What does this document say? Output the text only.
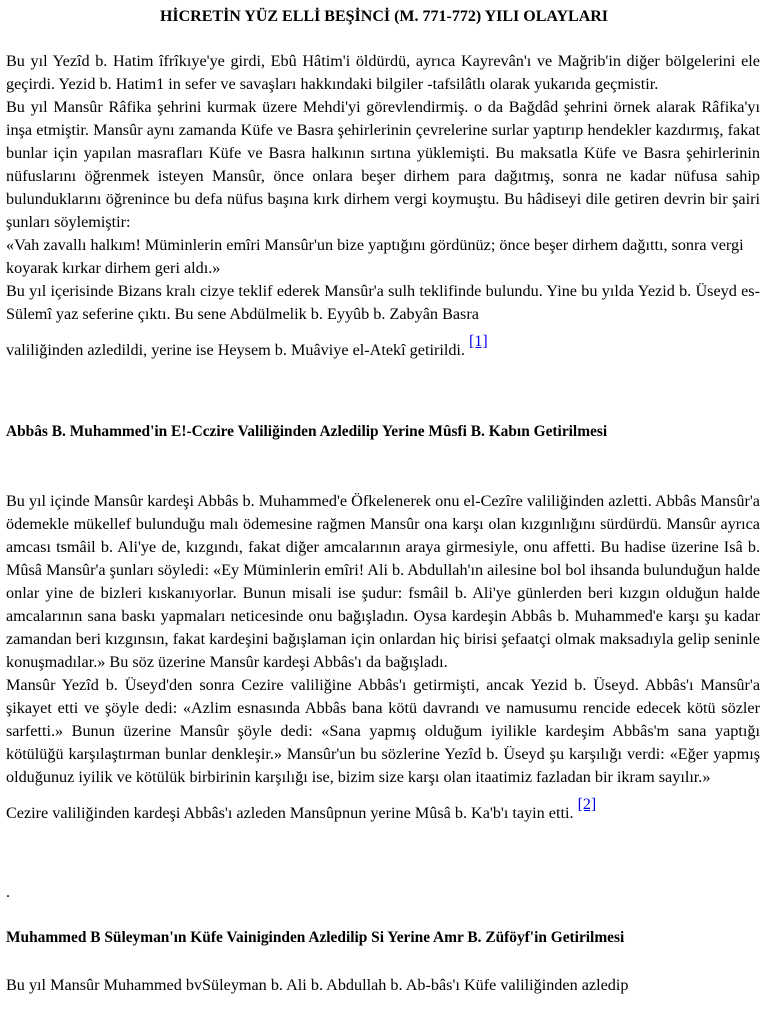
HİCRETİN YÜZ ELLİ BEŞİNCİ (M. 771-772) YILI OLAYLARI

Bu yıl Yezîd b. Hatim îfrîkıye'ye girdi, Ebû Hâtim'i öldürdü, ayrıca Kayrevân'ı ve Mağrib'in diğer bölgelerini ele geçirdi. Yezid b. Hatim1 in sefer ve savaşları hakkındaki bilgiler -tafsilâtlı olarak yukarıda geçmistir.

Bu yıl Mansûr Râfika şehrini kurmak üzere Mehdi'yi görevlendirmiş. o da Bağdâd şehrini örnek alarak Râfika'yı inşa etmiştir. Mansûr aynı zamanda Küfe ve Basra şehirlerinin çevrelerine surlar yaptırıp hendekler kazdırmış, fakat bunlar için yapılan masrafları Küfe ve Basra halkının sırtına yüklemişti. Bu maksatla Küfe ve Basra şehirlerinin nüfuslarını öğrenmek isteyen Mansûr, önce onlara beşer dirhem para dağıtmış, sonra ne kadar nüfusa sahip bulunduklarını öğrenince bu defa nüfus başına kırk dirhem vergi koymuştu. Bu hâdiseyi dile getiren devrin bir şairi şunları söylemiştir:

«Vah zavallı halkım! Müminlerin emîri Mansûr'un bize yaptığını gördünüz; önce beşer dirhem dağıttı, sonra vergi koyarak kırkar dirhem geri aldı.»

Bu yıl içerisinde Bizans kralı cizye teklif ederek Mansûr'a sulh teklifinde bulundu. Yine bu yılda Yezid b. Üseyd es-Sülemî yaz seferine çıktı. Bu sene Abdülmelik b. Eyyûb b. Zabyân Basra

valiliğinden azledildi, yerine ise Heysem b. Muâviye el-Atekî getirildi. [1]

Abbâs B. Muhammed'in E!-Cczire Valiliğinden Azledilip Yerine Mûsfi B. Kabın Getirilmesi

Bu yıl içinde Mansûr kardeşi Abbâs b. Muhammed'e Öfkelenerek onu el-Cezîre valiliğinden azletti. Abbâs Mansûr'a ödemekle mükellef bulunduğu malı ödemesine rağmen Mansûr ona karşı olan kızgınlığını sürdürdü. Mansûr ayrıca amcası tsmâil b. Ali'ye de, kızgındı, fakat diğer amcalarının araya girmesiyle, onu affetti. Bu hadise üzerine Isâ b. Mûsâ Mansûr'a şunları söyledi: «Ey Müminlerin emîri! Ali b. Abdullah'ın ailesine bol bol ihsanda bulunduğun halde onlar yine de bizleri kıskanıyorlar. Bunun misali ise şudur: fsmâil b. Ali'ye günlerden beri kızgın olduğun halde amcalarının sana baskı yapmaları neticesinde onu bağışladın. Oysa kardeşin Abbâs b. Muhammed'e karşı şu kadar zamandan beri kızgınsın, fakat kardeşini bağışlaman için onlardan hiç birisi şefaatçi olmak maksadıyla gelip seninle konuşmadılar.» Bu söz üzerine Mansûr kardeşi Abbâs'ı da bağışladı.

Mansûr Yezîd b. Üseyd'den sonra Cezire valiliğine Abbâs'ı getirmişti, ancak Yezid b. Üseyd. Abbâs'ı Mansûr'a şikayet etti ve şöyle dedi: «Azlim esnasında Abbâs bana kötü davrandı ve namusumu rencide edecek kötü sözler sarfetti.» Bunun üzerine Mansûr şöyle dedi: «Sana yapmış olduğum iyilikle kardeşim Abbâs'm sana yaptığı kötülüğü karşılaştırman bunlar denkleşir.» Mansûr'un bu sözlerine Yezîd b. Üseyd şu karşılığı verdi: «Eğer yapmış olduğunuz iyilik ve kötülük birbirinin karşılığı ise, bizim size karşı olan itaatimiz fazladan bir ikram sayılır.»

Cezire valiliğinden kardeşi Abbâs'ı azleden Mansûpnun yerine Mûsâ b. Ka'b'ı tayin etti. [2]

.

Muhammed B Süleyman'ın Küfe Vainiginden Azledilip Si Yerine Amr B. Züföyf'in Getirilmesi

Bu yıl Mansûr Muhammed bvSüleyman b. Ali b. Abdullah b. Ab-bâs'ı Küfe valiliğinden azledip
